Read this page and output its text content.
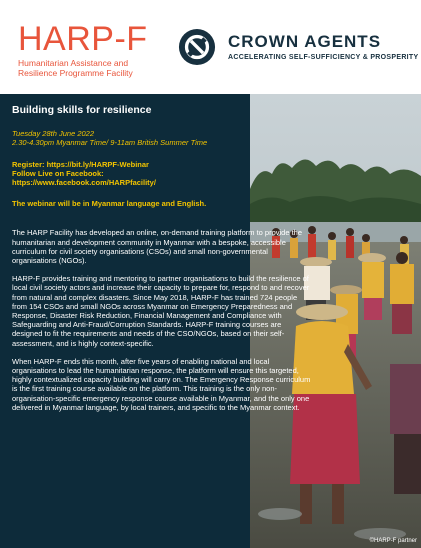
HARP-F
Humanitarian Assistance and
Resilience Programme Facility
CROWN AGENTS
ACCELERATING SELF-SUFFICIENCY & PROSPERITY
Building skills for resilience
Tuesday 28th June 2022
2.30-4.30pm Myanmar Time/ 9-11am British Summer Time
Register: https://bit.ly/HARPF-Webinar
Follow Live on Facebook:
https://www.facebook.com/HARPfacility/
The webinar will be in Myanmar language and English.

The HARP Facility has developed an online, on-demand training platform to provide the humanitarian and development community in Myanmar with a bespoke, accessible curriculum for civil society organisations (CSOs) and small non-governmental organisations (NGOs).

HARP-F provides training and mentoring to partner organisations to build the resilience of local civil society actors and increase their capacity to prepare for, respond to and recover from natural and complex disasters. Since May 2018, HARP-F has trained 724 people from 154 CSOs and small NGOs across Myanmar on Emergency Preparedness and Response, Disaster Risk Reduction, Financial Management and Compliance with Safeguarding and Anti-Fraud/Corruption Standards. HARP-F training courses are designed to fit the requirements and needs of the CSO/NGOs, based on their self-assessment, and is highly context-specific.

When HARP-F ends this month, after five years of enabling national and local organisations to lead the humanitarian response, the platform will ensure this targeted, highly contextualized capacity building will carry on. The Emergency Response curriculum is the first training course available on the platform. This training is the only non-organisation-specific emergency response course available in Myanmar, and the only one delivered in Myanmar language, by local trainers, and specific to the Myanmar context.

©HARP-F partner
